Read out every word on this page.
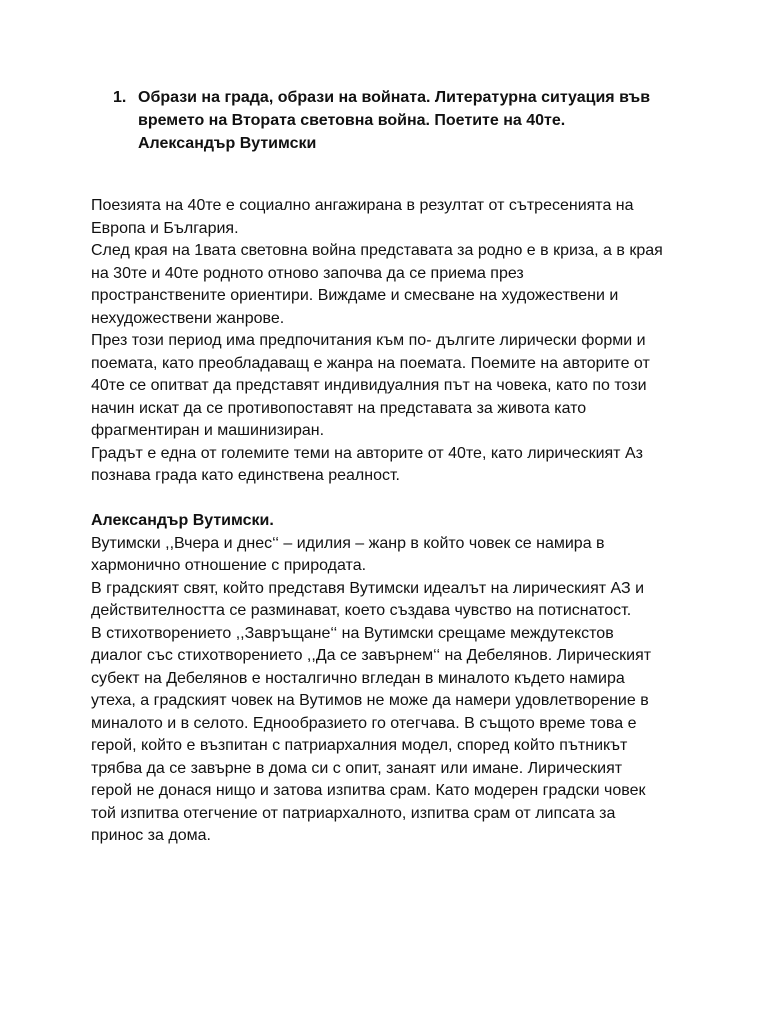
1. Образи на града, образи на войната. Литературна ситуация във
времето на Втората световна война. Поетите на 40те.
Александър Вутимски
Поезията на 40те е социално ангажирана в резултат от сътресенията на
Европа и България.
След края на 1вата световна война представата за родно е в криза, а в края
на 30те и 40те родното отново започва да се приема през
пространствените ориентири. Виждаме и смесване на художествени и
нехудожествени жанрове.
През този период има предпочитания към по- дългите лирически форми и
поемата, като преобладаващ е жанра на поемата. Поемите на авторите от
40те се опитват да представят индивидуалния път на човека, като по този
начин искат да се противопоставят на представата за живота като
фрагментиран и машинизиран.
Градът е една от големите теми на авторите от 40те, като лирическият Аз
познава града като единствена реалност.
Александър Вутимски.
Вутимски ,,Вчера и днес‘‘ – идилия – жанр в който човек се намира в
хармонично отношение с природата.
В градският свят, който представя Вутимски идеалът на лирическият АЗ и
действителността се разминават, което създава чувство на потиснатост.
В стихотворението ,,Завръщане‘‘ на Вутимски срещаме междутекстов
диалог със стихотворението ,,Да се завърнем‘‘ на Дебелянов. Лирическият
субект на Дебелянов е носталгично вгледан в миналото където намира
утеха, а градският човек на Вутимов не може да намери удовлетворение в
миналото и в селото. Еднообразието го отегчава. В същото време това е
герой, който е възпитан с патриархалния модел, според който пътникът
трябва да се завърне в дома си с опит, занаят или имане. Лирическият
герой не донася нищо и затова изпитва срам. Като модерен градски човек
той изпитва отегчение от патриархалното, изпитва срам от липсата за
принос за дома.
